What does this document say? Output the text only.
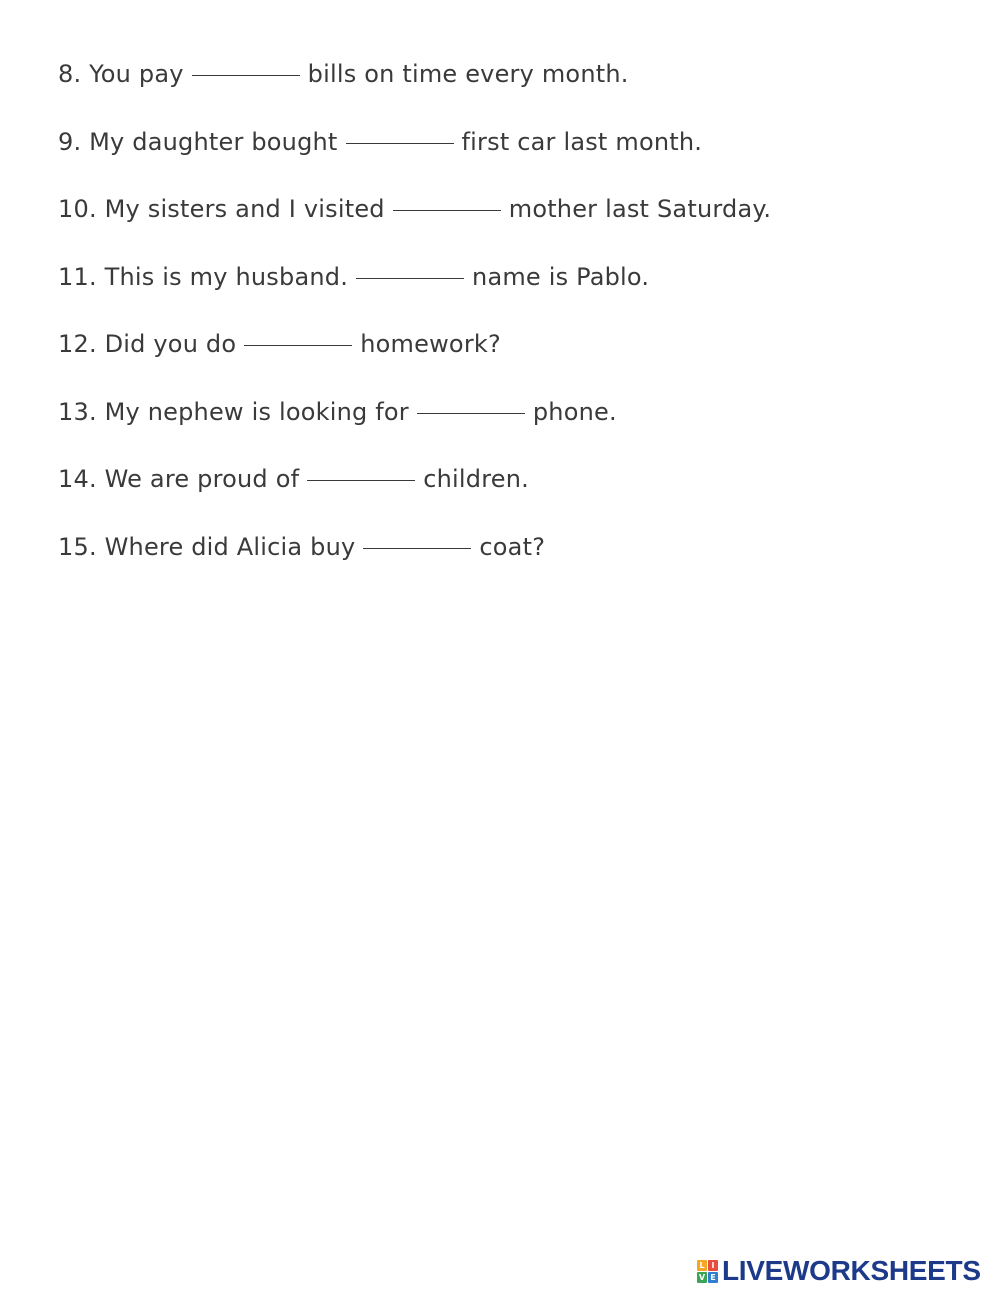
8. You pay	bills on time every month.
9. My daughter bought	first car last month.
10. My sisters and I visited	mother last Saturday.
11. This is my husband.	name is Pablo.
12. Did you do	homework?
13. My nephew is looking for	phone.
14. We are proud of	children.
15. Where did Alicia buy	coat?
L I
V E LIVEWORKSHEETS
